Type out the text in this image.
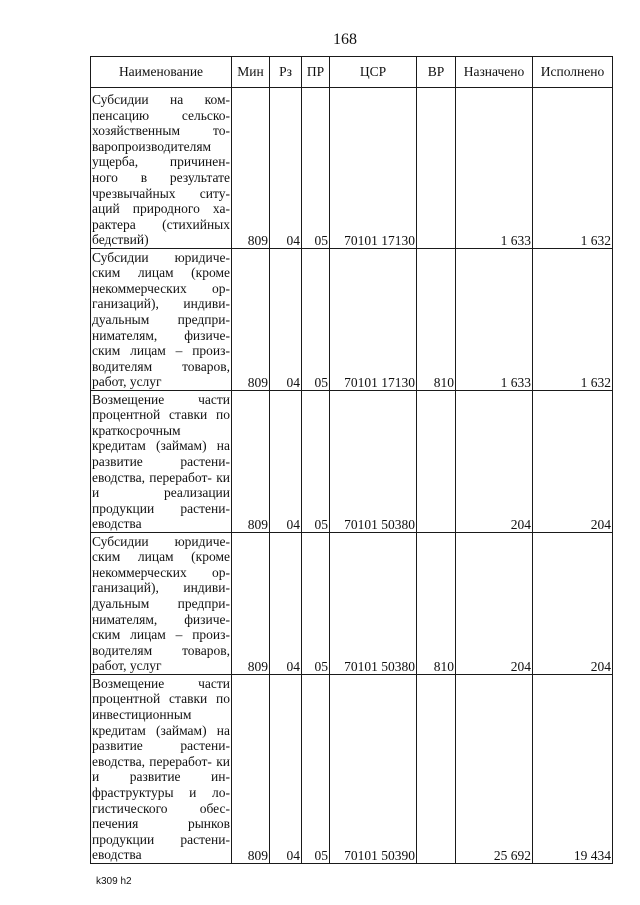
168
Наименование	Мин	Рз	ПР	ЦСР	ВР	Назначено	Исполнено
Субсидии на ком- пенсацию сельско- хозяйственным то- варопроизводителям ущерба, причинен- ного в результате чрезвычайных ситу- аций природного ха- рактера (стихийных бедствий)	809	04	05	70101 17130		1 633	1 632
Субсидии юридиче- ским лицам (кроме некоммерческих ор- ганизаций), индиви- дуальным предпри- нимателям, физиче- ским лицам – произ- водителям товаров, работ, услуг	809	04	05	70101 17130	810	1 633	1 632
Возмещение части процентной ставки по краткосрочным кредитам (займам) на развитие растени- еводства, переработ- ки и реализации продукции растени- еводства	809	04	05	70101 50380		204	204
Субсидии юридиче- ским лицам (кроме некоммерческих ор- ганизаций), индиви- дуальным предпри- нимателям, физиче- ским лицам – произ- водителям товаров, работ, услуг	809	04	05	70101 50380	810	204	204
Возмещение части процентной ставки по инвестиционным кредитам (займам) на развитие растени- еводства, переработ- ки и развитие ин- фраструктуры и ло- гистического обес- печения рынков продукции растени- еводства	809	04	05	70101 50390		25 692	19 434
k309 h2
